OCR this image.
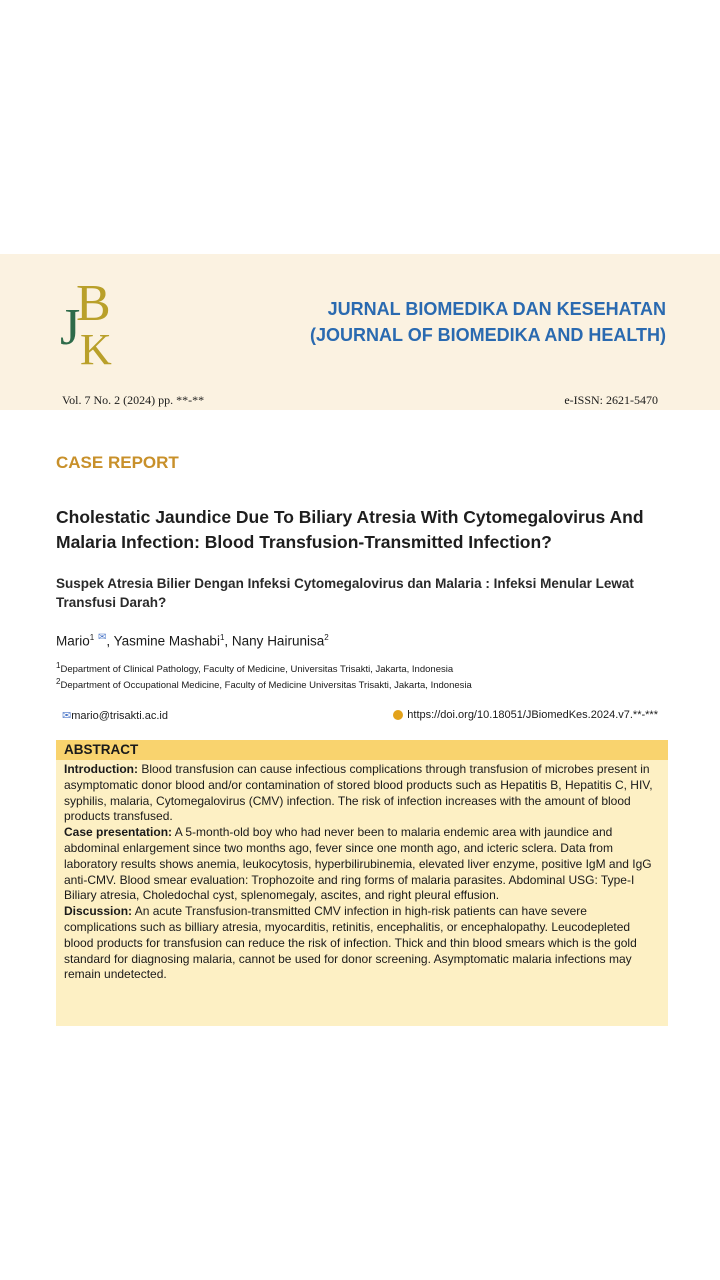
B
J K
JURNAL BIOMEDIKA DAN KESEHATAN
(JOURNAL OF BIOMEDIKA AND HEALTH)
Vol. 7 No. 2 (2024) pp. **-**	e-ISSN: 2621-5470
CASE REPORT
Cholestatic Jaundice Due To Biliary Atresia With Cytomegalovirus And Malaria Infection: Blood Transfusion-Transmitted Infection?
Suspek Atresia Bilier Dengan Infeksi Cytomegalovirus dan Malaria : Infeksi Menular Lewat Transfusi Darah?
Mario$^1$ ✉, Yasmine Mashabi$^1$, Nany Hairunisa$^2$
$^1$Department of Clinical Pathology, Faculty of Medicine, Universitas Trisakti, Jakarta, Indonesia
$^2$Department of Occupational Medicine, Faculty of Medicine Universitas Trisakti, Jakarta, Indonesia
✉mario@trisakti.ac.id	https://doi.org/10.18051/JBiomedKes.2024.v7.**-***
ABSTRACT

Introduction: Blood transfusion can cause infectious complications through transfusion of microbes present in asymptomatic donor blood and/or contamination of stored blood products such as Hepatitis B, Hepatitis C, HIV, syphilis, malaria, Cytomegalovirus (CMV) infection. The risk of infection increases with the amount of blood products transfused.

Case presentation: A 5-month-old boy who had never been to malaria endemic area with jaundice and abdominal enlargement since two months ago, fever since one month ago, and icteric sclera. Data from laboratory results shows anemia, leukocytosis, hyperbilirubinemia, elevated liver enzyme, positive IgM and IgG anti-CMV. Blood smear evaluation: Trophozoite and ring forms of malaria parasites. Abdominal USG: Type-I Biliary atresia, Choledochal cyst, splenomegaly, ascites, and right pleural effusion.

Discussion: An acute Transfusion-transmitted CMV infection in high-risk patients can have severe complications such as billiary atresia, myocarditis, retinitis, encephalitis, or encephalopathy. Leucodepleted blood products for transfusion can reduce the risk of infection. Thick and thin blood smears which is the gold standard for diagnosing malaria, cannot be used for donor screening. Asymptomatic malaria infections may remain undetected.
